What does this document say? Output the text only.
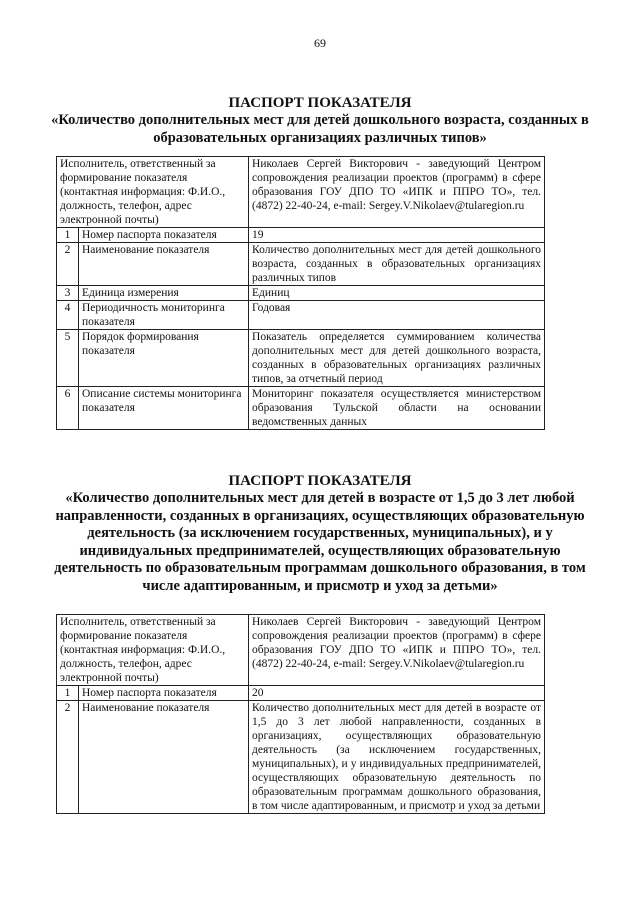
69
ПАСПОРТ ПОКАЗАТЕЛЯ
«Количество дополнительных мест для детей дошкольного возраста, созданных в образовательных организациях различных типов»
Исполнитель, ответственный за формирование показателя (контактная информация: Ф.И.О., должность, телефон, адрес электронной почты)		Николаев Сергей Викторович - заведующий Центром сопровождения реализации проектов (программ) в сфере образования ГОУ ДПО ТО «ИПК и ППРО ТО», тел. (4872) 22-40-24, e-mail: Sergey.V.Nikolaev@tularegion.ru
1	Номер паспорта показателя	19
2	Наименование показателя	Количество дополнительных мест для детей дошкольного возраста, созданных в образовательных организациях различных типов
3	Единица измерения	Единиц
4	Периодичность мониторинга показателя	Годовая
5	Порядок формирования показателя	Показатель определяется суммированием количества дополнительных мест для детей дошкольного возраста, созданных в образовательных организациях различных типов, за отчетный период
6	Описание системы мониторинга показателя	Мониторинг показателя осуществляется министерством образования Тульской области на основании ведомственных данных
ПАСПОРТ ПОКАЗАТЕЛЯ
«Количество дополнительных мест для детей в возрасте от 1,5 до 3 лет любой направленности, созданных в организациях, осуществляющих образовательную деятельность (за исключением государственных, муниципальных), и у индивидуальных предпринимателей, осуществляющих образовательную деятельность по образовательным программам дошкольного образования, в том числе адаптированным, и присмотр и уход за детьми»
Исполнитель, ответственный за формирование показателя (контактная информация: Ф.И.О., должность, телефон, адрес электронной почты)		Николаев Сергей Викторович - заведующий Центром сопровождения реализации проектов (программ) в сфере образования ГОУ ДПО ТО «ИПК и ППРО ТО», тел. (4872) 22-40-24, e-mail: Sergey.V.Nikolaev@tularegion.ru
1	Номер паспорта показателя	20
2	Наименование показателя	Количество дополнительных мест для детей в возрасте от 1,5 до 3 лет любой направленности, созданных в организациях, осуществляющих образовательную деятельность (за исключением государственных, муниципальных), и у индивидуальных предпринимателей, осуществляющих образовательную деятельность по образовательным программам дошкольного образования, в том числе адаптированным, и присмотр и уход за детьми
